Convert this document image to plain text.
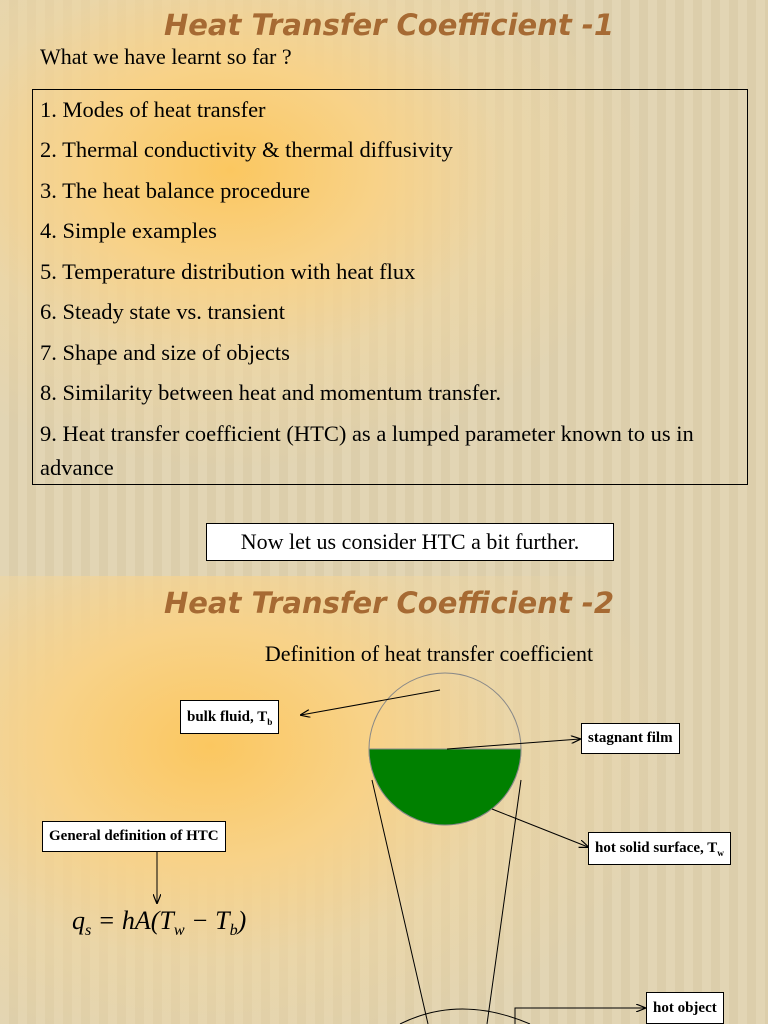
Heat Transfer Coefficient -1
What we have learnt so far ?
1. Modes of heat transfer
2. Thermal conductivity & thermal diffusivity
3. The heat balance procedure
4. Simple examples
5. Temperature distribution with heat flux
6. Steady state vs. transient
7. Shape and size of objects
8. Similarity between heat and momentum transfer.
9. Heat transfer coefficient (HTC) as a lumped parameter known to us in advance
Now let us consider HTC a bit further.
Heat Transfer Coefficient -2
Definition of heat transfer coefficient
bulk fluid, $T_b$
stagnant film
hot solid surface, $T_w$
General definition of HTC
hot object
$q_s = hA(T_w - T_b)$
